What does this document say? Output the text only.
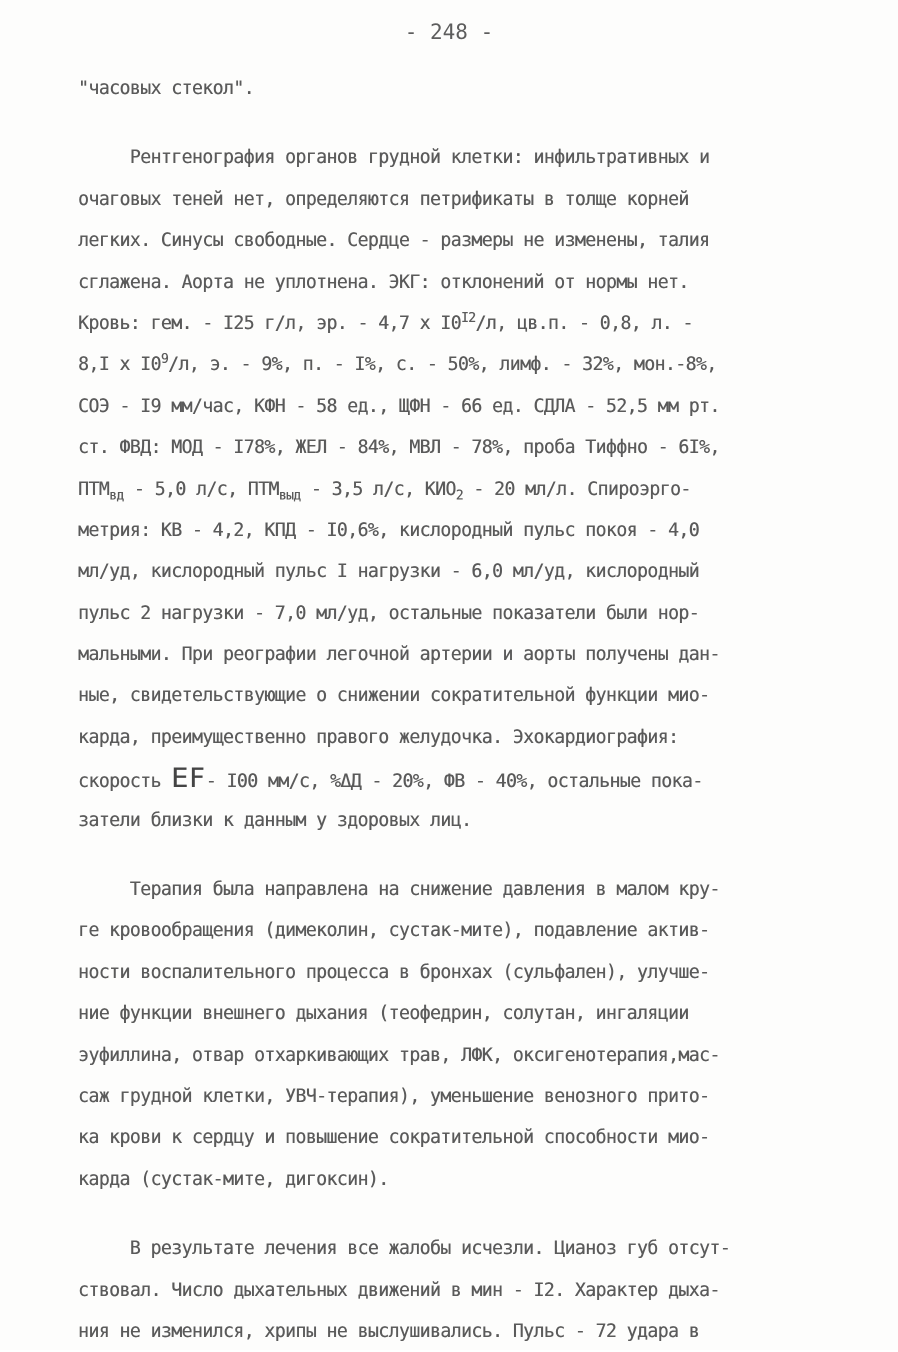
- 248 -
"часовых стекол".
Рентгенография органов грудной клетки: инфильтративных и
очаговых теней нет, определяются петрификаты в толще корней
легких. Синусы свободные. Сердце - размеры не изменены, талия
сглажена. Аорта не уплотнена. ЭКГ: отклонений от нормы нет.
Кровь: гем. - I25 г/л, эр. - 4,7 x $I0^{I2}/л$, цв.п. - 0,8, л. -
8,I x $I0^9/л$, э. - 9%, п. - I%, с. - 50%, лимф. - 32%, мон.-8%,
СОЭ - I9 мм/час, КФН - 58 ед., ЩФН - 66 ед. СДЛА - 52,5 мм рт.
ст. ФВД: МОД - I78%, ЖЕЛ - 84%, МВЛ - 78%, проба Тиффно - 6I%,
$ПТМ_{вд} - 5,0$ л/с, $ПТМ_{выд} - 3,5$ л/с, $КИО_2 - 20$ мл/л. Спироэрго-
метрия: КВ - 4,2, КПД - I0,6%, кислородный пульс покоя - 4,0
мл/уд, кислородный пульс I нагрузки - 6,0 мл/уд, кислородный
пульс 2 нагрузки - 7,0 мл/уд, остальные показатели были нор-
мальными. При реографии легочной артерии и аорты получены дан-
ные, свидетельствующие о снижении сократительной функции мио-
карда, преимущественно правого желудочка. Эхокардиография:
скорость EF- I00 мм/с, %ΔД - 20%, ФВ - 40%, остальные пока-
затели близки к данным у здоровых лиц.
Терапия была направлена на снижение давления в малом кру-
ге кровообращения (димеколин, сустак-мите), подавление актив-
ности воспалительного процесса в бронхах (сульфален), улучше-
ние функции внешнего дыхания (теофедрин, солутан, ингаляции
эуфиллина, отвар отхаркивающих трав, ЛФК, оксигенотерапия,мас-
саж грудной клетки, УВЧ-терапия), уменьшение венозного прито-
ка крови к сердцу и повышение сократительной способности мио-
карда (сустак-мите, дигоксин).
В результате лечения все жалобы исчезли. Цианоз губ отсут-
ствовал. Число дыхательных движений в мин - I2. Характер дыха-
ния не изменился, хрипы не выслушивались. Пульс - 72 удара в
